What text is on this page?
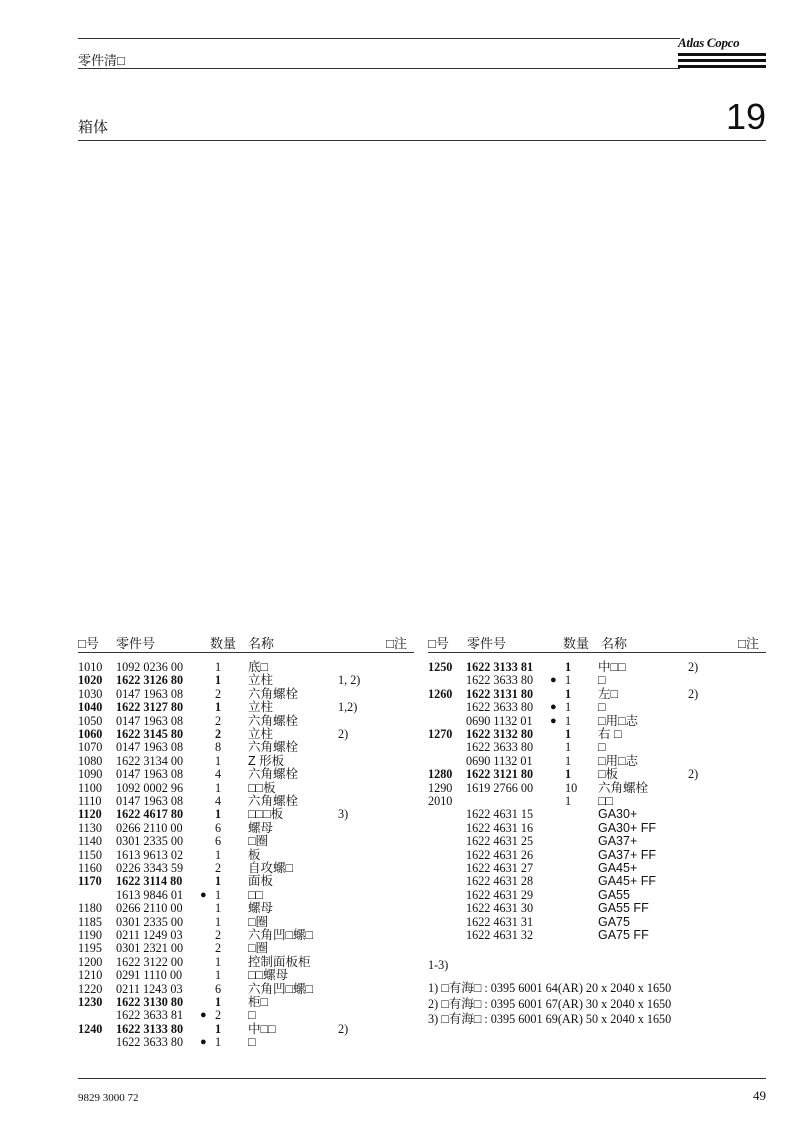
零件清□
Atlas Copco
箱体	19
□号 零件号	数量 名称	□注 □号 零件号	数量 名称	□注
1010 1092 0236 00	1 底□
1020 1622 3126 80	1 立柱	1, 2)
1030 0147 1963 08	2 六角螺栓
1040 1622 3127 80	1 立柱	1,2)
1050 0147 1963 08	2 六角螺栓
1060 1622 3145 80	2 立柱	2)
1070 0147 1963 08	8 六角螺栓
1080 1622 3134 00	1 Z 形板
1090 0147 1963 08	4 六角螺栓
1100 1092 0002 96	1 □□板
1110 0147 1963 08	4 六角螺栓
1120 1622 4617 80	1 □□□板	3)
1130 0266 2110 00	6 螺母
1140 0301 2335 00	6 □圈
1150 1613 9613 02	1 板
1160 0226 3343 59	2 自攻螺□
1170 1622 3114 80	1 面板
1613 9846 01 ● 1 □□
1180 0266 2110 00	1 螺母
1185 0301 2335 00	1 □圈
1190 0211 1249 03	2 六角凹□螺□
1195 0301 2321 00	2 □圈
1200 1622 3122 00	1 控制面板柜
1210 0291 1110 00	1 □□螺母
1220 0211 1243 03	6 六角凹□螺□
1230 1622 3130 80	1 柜□
1622 3633 81 ● 2 □
1240 1622 3133 80	1 中□□	2)
1622 3633 80 ● 1 □
1250 1622 3133 81	1 中□□	2)
1622 3633 80 ● 1 □
1260 1622 3131 80	1 左□	2)
1622 3633 80 ● 1 □
0690 1132 01 ● 1 □用□志
1270 1622 3132 80	1 右 □
1622 3633 80	1 □
0690 1132 01	1 □用□志
1280 1622 3121 80	1 □板	2)
1290 1619 2766 00	10 六角螺栓
2010	1 □□
1622 4631 15	GA30+
1622 4631 16	GA30+ FF
1622 4631 25	GA37+
1622 4631 26	GA37+ FF
1622 4631 27	GA45+
1622 4631 28	GA45+ FF
1622 4631 29	GA55
1622 4631 30	GA55 FF
1622 4631 31	GA75
1622 4631 32	GA75 FF
1-3)
1) □有海□ : 0395 6001 64(AR) 20 x 2040 x 1650
2) □有海□ : 0395 6001 67(AR) 30 x 2040 x 1650
3) □有海□ : 0395 6001 69(AR) 50 x 2040 x 1650
9829 3000 72	49
